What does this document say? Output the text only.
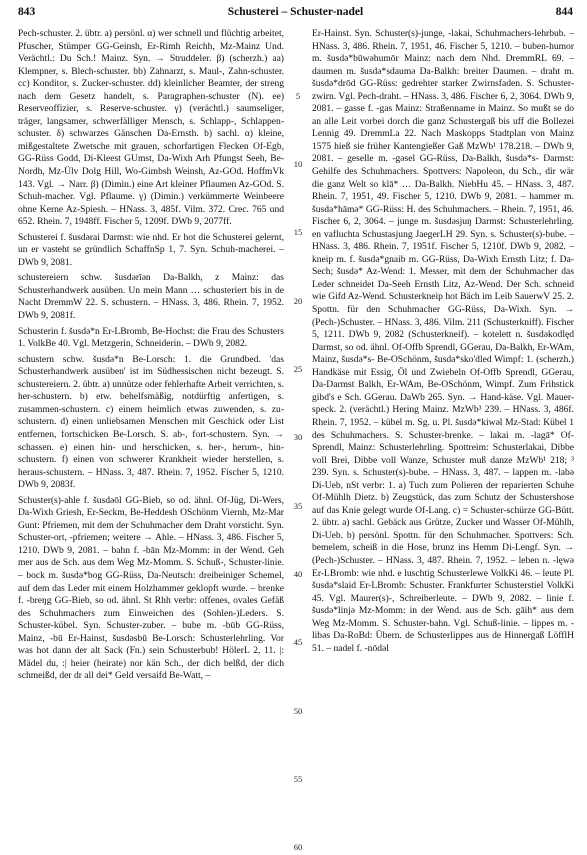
843	Schusterei – Schuster-nadel	844

Pech-schuster. 2. übtr. a) persönl. α) wer schnell und flüchtig arbeitet, Pfuscher, Stümper GG-Geinsh, Er-Rimh Reichh, Mz-Mainz Und. Verächtl.: Du Sch.! Mainz. Syn. → Struddeler. β) (scherzh.) aa) Klempner, s. Blech-schuster. bb) Zahnarzt, s. Maul-, Zahn-schuster. cc) Konditor, s. Zucker-schuster. dd) kleinlicher Beamter, der streng nach dem Gesetz handelt, s. Paragraphen-schuster (N). ee) Reserveoffizier, s. Reserve-schuster. γ) (verächtl.) saumseliger, träger, langsamer, schwerfälliger Mensch, s. Schlapp-, Schlappen-schuster. δ) schwarzes Gänschen Da-Ernsth. b) sachl. α) kleine, mißgestaltete Zwetsche mit grauen, schorfartigen Flecken Of-Egb, GG-Rüss Godd, Di-Kleest GUmst, Da-Wixh Arh Pfungst Seeh, Be-Nordh, Mz-Ülv Dolg Hill, Wo-Gimbsh Weinsh, Az-GOd. HoffmVk 143. Vgl. → Narr. β) (Dimin.) eine Art kleiner Pflaumen Az-GOd. S. Schuh-macher. Vgl. Pflaume. γ) (Dimin.) verkümmerte Weinbeere ohne Kerne Az-Spiesh. – HNass. 3, 485f. Vilm. 372. Crec. 765 und 652. Rhein. 7, 1948ff. Fischer 5, 1209f. DWb 9, 2077ff.

Schusterei f. šusdərai Darmst: wie nhd. Er hot die Schusterei gelernt, un er vasteht se gründlich SchaffnSp 1, 7. Syn. Schuh-macherei. – DWb 9, 2081.

schustereiern schw. šusdərīən Da-Balkh, z Mainz: das Schusterhandwerk ausüben. Un mein Mann … schusteriert bis in de Nacht DremmW 22. S. schustern. – HNass. 3, 486. Rhein. 7, 1952. DWb 9, 2081f.

Schusterin f. šusdə*n Er-LBromb, Be-Hochst: die Frau des Schusters 1. VolkBe 40. Vgl. Metzgerin, Schneiderin. – DWb 9, 2082.

schustern schw. šusdə*n Be-Lorsch: 1. die Grundbed. 'das Schusterhandwerk ausüben' ist im Südhessischen nicht bezeugt. S. schustereiern. 2. übtr. a) unnütze oder fehlerhafte Arbeit verrichten, s. her-schustern. b) etw. behelfsmäßig, notdürftig anfertigen, s. zusammen-schustern. c) einem heimlich etwas zuwenden, s. zu-schustern. d) einen unliebsamen Menschen mit Geschick oder List entfernen, fortschicken Be-Lorsch. S. ab-, fort-schustern. Syn. → schassen. e) einen hin- und herschicken, s. her-, herum-, hin-schustern. f) einen von schwerer Krankheit wieder herstellen, s. heraus-schustern. – HNass. 3, 487. Rhein. 7, 1952. Fischer 5, 1210. DWb 9, 2083f.

Schuster(s)-ahle f. šusdəōl GG-Bieb, so od. ähnl. Of-Jüg, Di-Wers, Da-Wixh Griesh, Er-Seckm, Be-Heddesh OSchönm Viernh, Mz-Mar Gunt: Pfriemen, mit dem der Schuhmacher dem Draht vorsticht. Syn. Schuster-ort, -pfriemen; weitere → Ahle. – HNass. 3, 486. Fischer 5, 1210. DWb 9, 2081. – bahn f. -bān Mz-Momm: in der Wend. Geh mer aus de Sch. aus dem Weg Mz-Momm. S. Schuß-, Schuster-linie. – bock m. šusdə*bog GG-Rüss, Da-Neutsch: dreibeiniger Schemel, auf dem das Leder mit einem Holzhammer geklopft wurde. – brenke f. -breŋg GG-Bieb, so od. ähnl. St Rhh verbr: offenes, ovales Gefäß des Schuhmachers zum Einweichen des (Sohlen-)Leders. S. Schuster-kübel. Syn. Schuster-zuber. – bube m. -būb GG-Rüss, Mainz, -bū Er-Hainst, šusdəsbū Be-Lorsch: Schusterlehrling. Vor was hot dann der alt Sack (Fn.) sein Schusterbub! HölerL 2, 11. |: Mädel du, :| heier (heirate) nor kän Sch., der dich belßd, der dich schmeißd, der dr all dei* Geld versaifd Be-Watt, –

5
10
15
20
25
30
35
40
45
50
55
60

Er-Hainst. Syn. Schuster(s)-junge, -lakai, Schuhmachers-lehrbub. – HNass. 3, 486. Rhein. 7, 1951, 46. Fischer 5, 1210. – buben-humor m. šusdə*būwəhumōr Mainz: nach dem Nhd. DremmRL 69. – daumen m. šusdə*sdaumə Da-Balkh: breiter Daumen. – draht m. šusdə*drōd GG-Rüss: gedrehter starker Zwirnsfaden. S. Schuster-zwirn. Vgl. Pech-draht. – HNass. 3, 486. Fischer 6, 2, 3064. DWb 9, 2081. – gasse f. -gas Mainz: Straßenname in Mainz. So mußt se do an alle Leit vorbei dorch die ganz Schustergaß bis uff die Bollezei Lennig 49. DremmLa 22. Nach Maskopps Stadtplan von Mainz 1575 hieß sie früher Kantengießer Gaß MzWb¹ 178.218. – DWb 9, 2081. – geselle m. -gəsel GG-Rüss, Da-Balkh, šusdə*s- Darmst: Gehilfe des Schuhmachers. Spottvers: Napoleon, du Sch., dir wär die ganz Welt so klā* … Da-Balkh. NiebHu 45. – HNass. 3, 487. Rhein. 7, 1951, 49. Fischer 5, 1210. DWb 9, 2081. – hammer m. šusdə*hāmə* GG-Rüss: H. des Schuhmachers. – Rhein. 7, 1951, 46. Fischer 6, 2, 3064. – junge m. šusdəsjuŋ Darmst: Schusterlehrling. en vafluchta Schustasjung JaegerLH 29. Syn. s. Schuster(s)-bube. – HNass. 3, 486. Rhein. 7, 1951f. Fischer 5, 1210f. DWb 9, 2082. – kneip m. f. šusdə*gnaib m. GG-Rüss, Da-Wixh Ernsth Litz; f. Da-Sech; šusdə* Az-Wend: 1. Messer, mit dem der Schuhmacher das Leder schneidet Da-Seeh Ernsth Litz, Az-Wend. Der Sch. schneid wie Gifd Az-Wend. Schusterkneip hot Bäch im Leib SauerwV 25. 2. Spottn. für den Schuhmacher GG-Rüss, Da-Wixh. Syn. → (Pech-)Schuster. – HNass. 3, 486. Vilm. 211 (Schusterkniff). Fischer 5, 1211. DWb 9, 2082 (Schusterkneif). – kotelett n. šusdəkodlęd Darmst, so od. ähnl. Of-Offb Sprendl, GGerau, Da-Balkh, Er-WAm, Mainz, šusdə*s- Be-OSchönm, šusdə*sko'dled Wimpf: 1. (scherzh.) Handkäse mit Essig, Öl und Zwiebeln Of-Offb Sprendl, GGerau, Da-Darmst Balkh, Er-WAm, Be-OSchönm, Wimpf. Zum Frihstick gibd's e Sch. GGerau. DaWb 265. Syn. → Hand-käse. Vgl. Mauer-speck. 2. (verächtl.) Hering Mainz. MzWb³ 239. – HNass. 3, 486f. Rhein. 7, 1952. – kübel m. Sg. u. Pl. šusdə*kiwəl Mz-Stad: Kübel 1 des Schuhmachers. S. Schuster-brenke. – lakai m. -lagā* Of-Sprendl, Mainz: Schusterlehrling. Spottreim: Schusterlakai, Dibbe voll Brei, Dibbe voll Wanze, Schuster muß danze MzWb¹ 218; ³ 239. Syn. s. Schuster(s)-bube. – HNass. 3, 487. – lappen m. -labə Di-Ueb, nSt verbr: 1. a) Tuch zum Polieren der reparierten Schuhe Of-Mühlh Dietz. b) Zeugstück, das zum Schutz der Schustershose auf das Knie gelegt wurde Of-Lang. c) = Schuster-schürze GG-Bütt. 2. übtr. a) sachl. Gebäck aus Grütze, Zucker und Wasser Of-Mühlh, Di-Ueb. b) persönl. Spottn. für den Schuhmacher. Spottvers: Sch. bemelem, scheiß in die Hose, brunz ins Hemm Di-Lengf. Syn. → (Pech-)Schuster. – HNass. 3, 487. Rhein. 7, 1952. – leben n. -lęwə Er-LBromb: wie nhd. e luschtig Schusterlewe VolkKi 46. – leute Pl. šusdə*slaid Er-LBromb: Schuster. Frankfurter Schusterstiel VolkKi 45. Vgl. Maurer(s)-, Schreiberleute. – DWb 9, 2082. – linie f. šusdə*linjə Mz-Momm: in der Wend. aus de Sch. gāih* aus dem Weg Mz-Momm. S. Schuster-bahn. Vgl. Schuß-linie. – lippes m. -libəs Da-RoBd: Übern. de Schusterlippes aus de Hinnergaß LöfflH 51. – nadel f. -nōdəl
